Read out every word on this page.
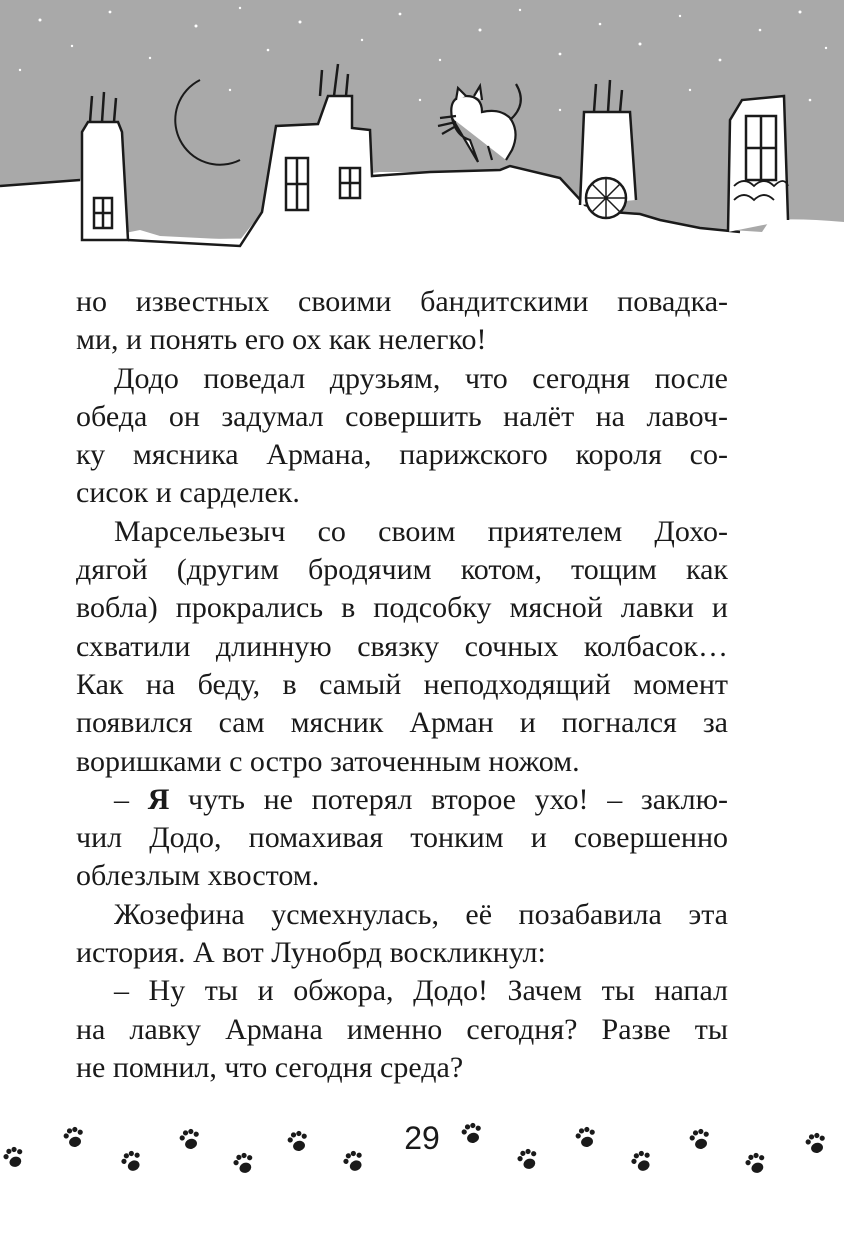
но известных своими бандитскими повадка-
ми, и понять его ох как нелегко!
Додо поведал друзьям, что сегодня после
обеда он задумал совершить налёт на лавоч-
ку мясника Армана, парижского короля со-
сисок и сарделек.
Марсельезыч со своим приятелем Дохо-
дягой (другим бродячим котом, тощим как
вобла) прокрались в подсобку мясной лавки и
схватили длинную связку сочных колбасок…
Как на беду, в самый неподходящий момент
появился сам мясник Арман и погнался за
воришками с остро заточенным ножом.
– Я чуть не потерял второе ухо! – заклю-
чил Додо, помахивая тонким и совершенно
облезлым хвостом.
Жозефина усмехнулась, её позабавила эта
история. А вот Лунобрд воскликнул:
– Ну ты и обжора, Додо! Зачем ты напал
на лавку Армана именно сегодня? Разве ты
не помнил, что сегодня среда?
29
